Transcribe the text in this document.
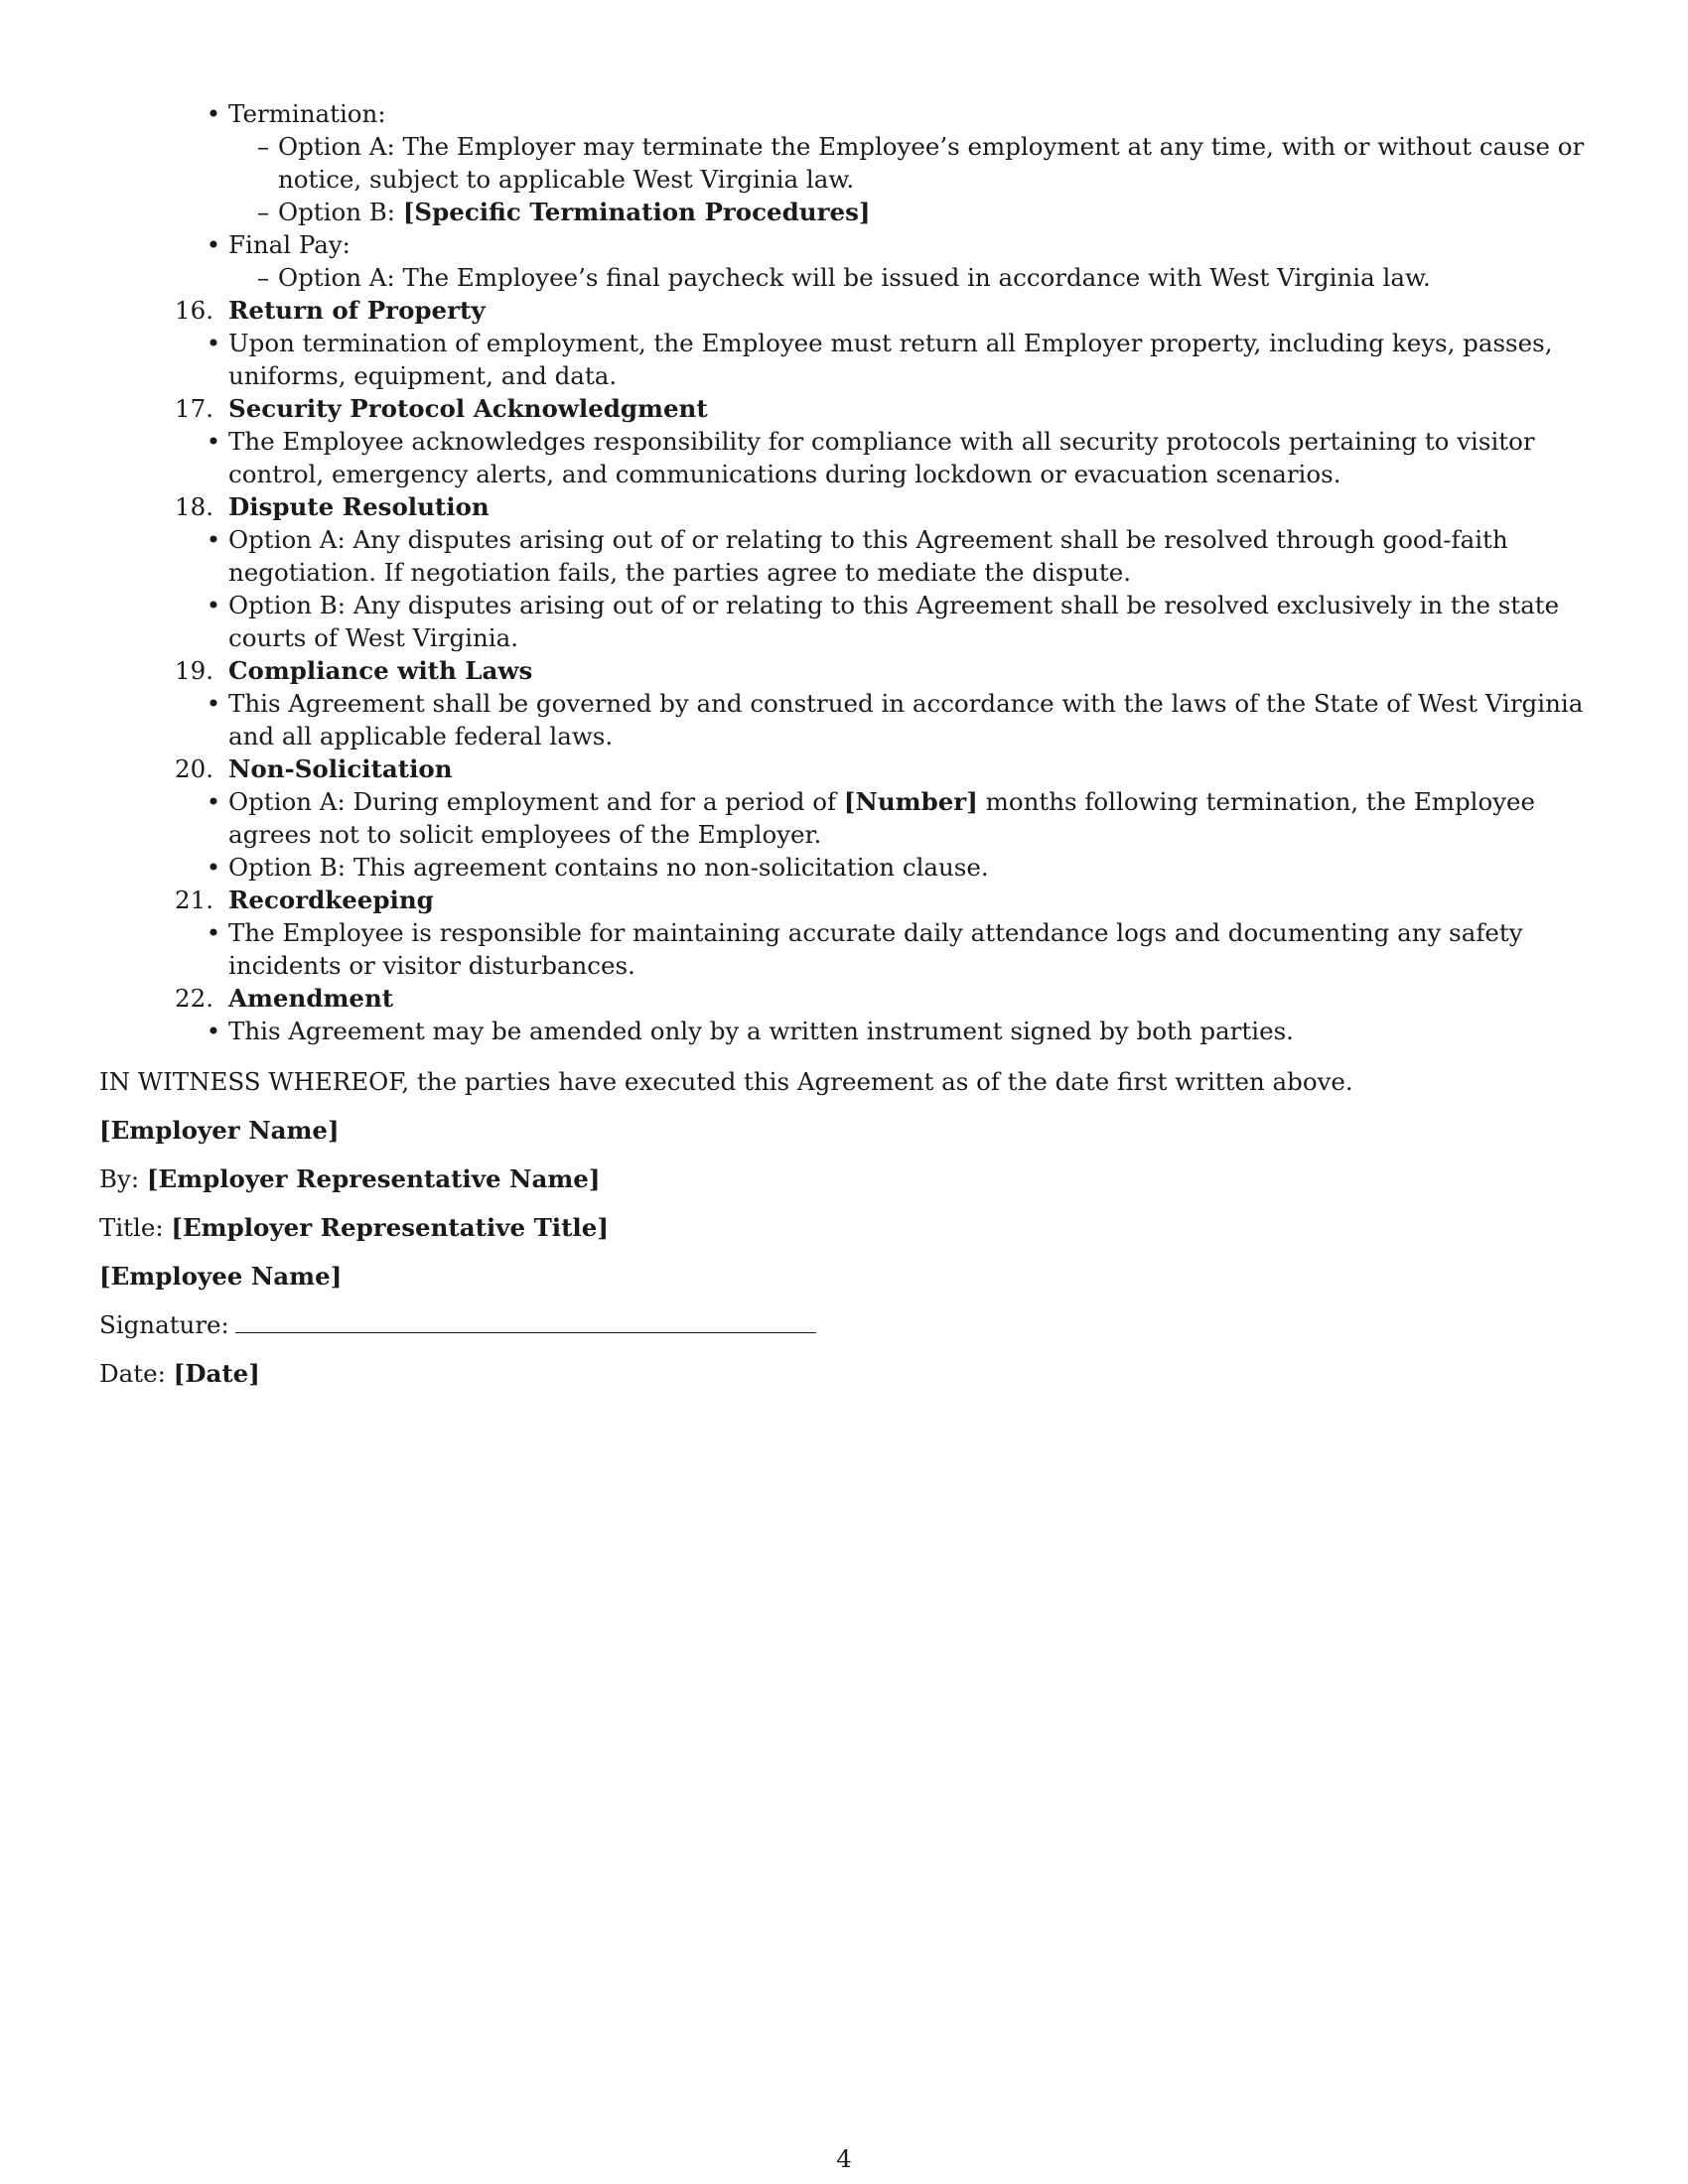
• Termination:
– Option A: The Employer may terminate the Employee’s employment at any time, with or without cause or notice, subject to applicable West Virginia law.
– Option B: [Specific Termination Procedures]
• Final Pay:
– Option A: The Employee’s final paycheck will be issued in accordance with West Virginia law.
16. Return of Property
• Upon termination of employment, the Employee must return all Employer property, including keys, passes, uniforms, equipment, and data.
17. Security Protocol Acknowledgment
• The Employee acknowledges responsibility for compliance with all security protocols pertaining to visitor control, emergency alerts, and communications during lockdown or evacuation scenarios.
18. Dispute Resolution
• Option A: Any disputes arising out of or relating to this Agreement shall be resolved through good-faith negotiation. If negotiation fails, the parties agree to mediate the dispute.
• Option B: Any disputes arising out of or relating to this Agreement shall be resolved exclusively in the state courts of West Virginia.
19. Compliance with Laws
• This Agreement shall be governed by and construed in accordance with the laws of the State of West Virginia and all applicable federal laws.
20. Non-Solicitation
• Option A: During employment and for a period of [Number] months following termination, the Employee agrees not to solicit employees of the Employer.
• Option B: This agreement contains no non-solicitation clause.
21. Recordkeeping
• The Employee is responsible for maintaining accurate daily attendance logs and documenting any safety incidents or visitor disturbances.
22. Amendment
• This Agreement may be amended only by a written instrument signed by both parties.
IN WITNESS WHEREOF, the parties have executed this Agreement as of the date first written above.
[Employer Name]
By: [Employer Representative Name]
Title: [Employer Representative Title]
[Employee Name]
Signature:
Date: [Date]
4
